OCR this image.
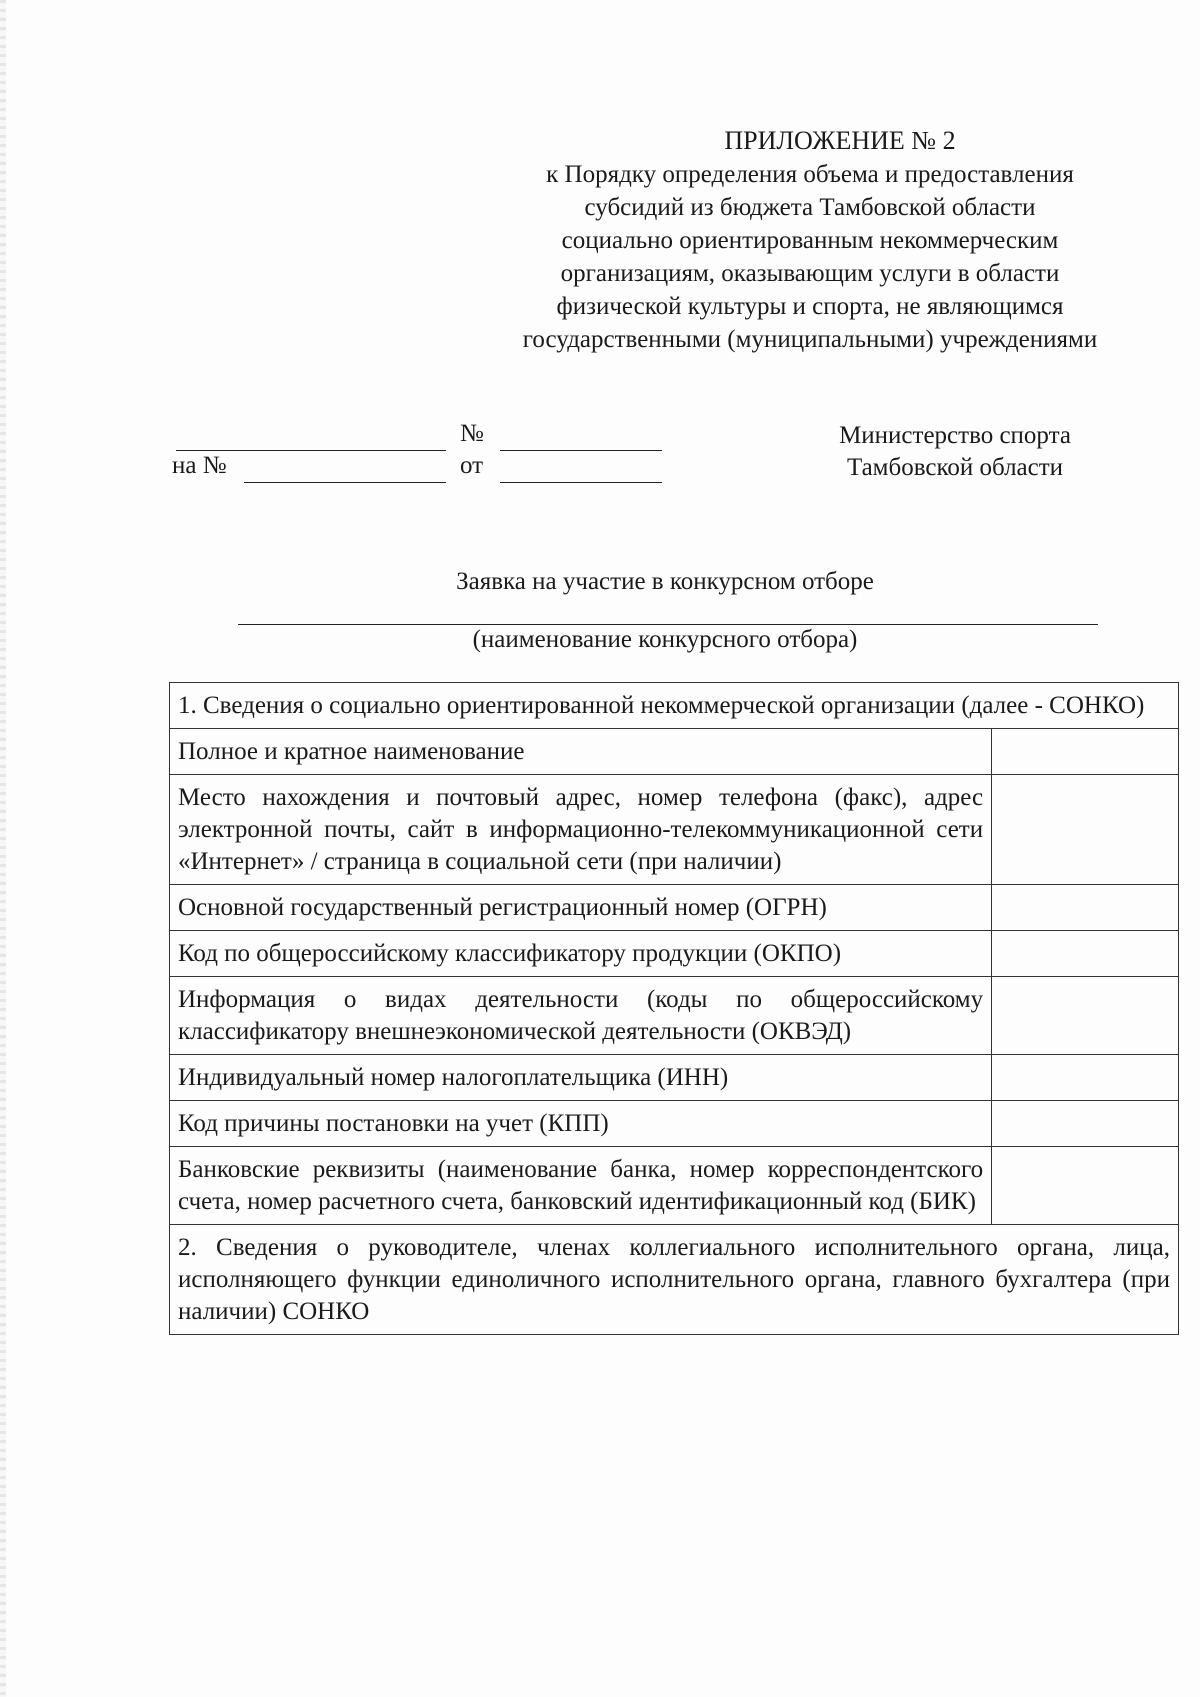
ПРИЛОЖЕНИЕ № 2
к Порядку определения объема и предоставления
субсидий из бюджета Тамбовской области
социально ориентированным некоммерческим
организациям, оказывающим услуги в области
физической культуры и спорта, не являющимся
государственными (муниципальными) учреждениями
№
на №	от
Министерство спорта
Тамбовской области
Заявка на участие в конкурсном отборе
(наименование конкурсного отбора)
1. Сведения о социально ориентированной некоммерческой организации (далее - СОНКО)	
Полное и кратное наименование	
Место нахождения и почтовый адрес, номер телефона (факс), адрес электронной почты, сайт в информационно-телекоммуникационной сети «Интернет» / страница в социальной сети (при наличии)	
Основной государственный регистрационный номер (ОГРН)	
Код по общероссийскому классификатору продукции (ОКПО)	
Информация о видах деятельности (коды по общероссийскому классификатору внешнеэкономической деятельности (ОКВЭД)	
Индивидуальный номер налогоплательщика (ИНН)	
Код причины постановки на учет (КПП)	
Банковские реквизиты (наименование банка, номер корреспондентского счета, номер расчетного счета, банковский идентификационный код (БИК)	
2. Сведения о руководителе, членах коллегиального исполнительного органа, лица, исполняющего функции единоличного исполнительного органа, главного бухгалтера (при наличии) СОНКО	
